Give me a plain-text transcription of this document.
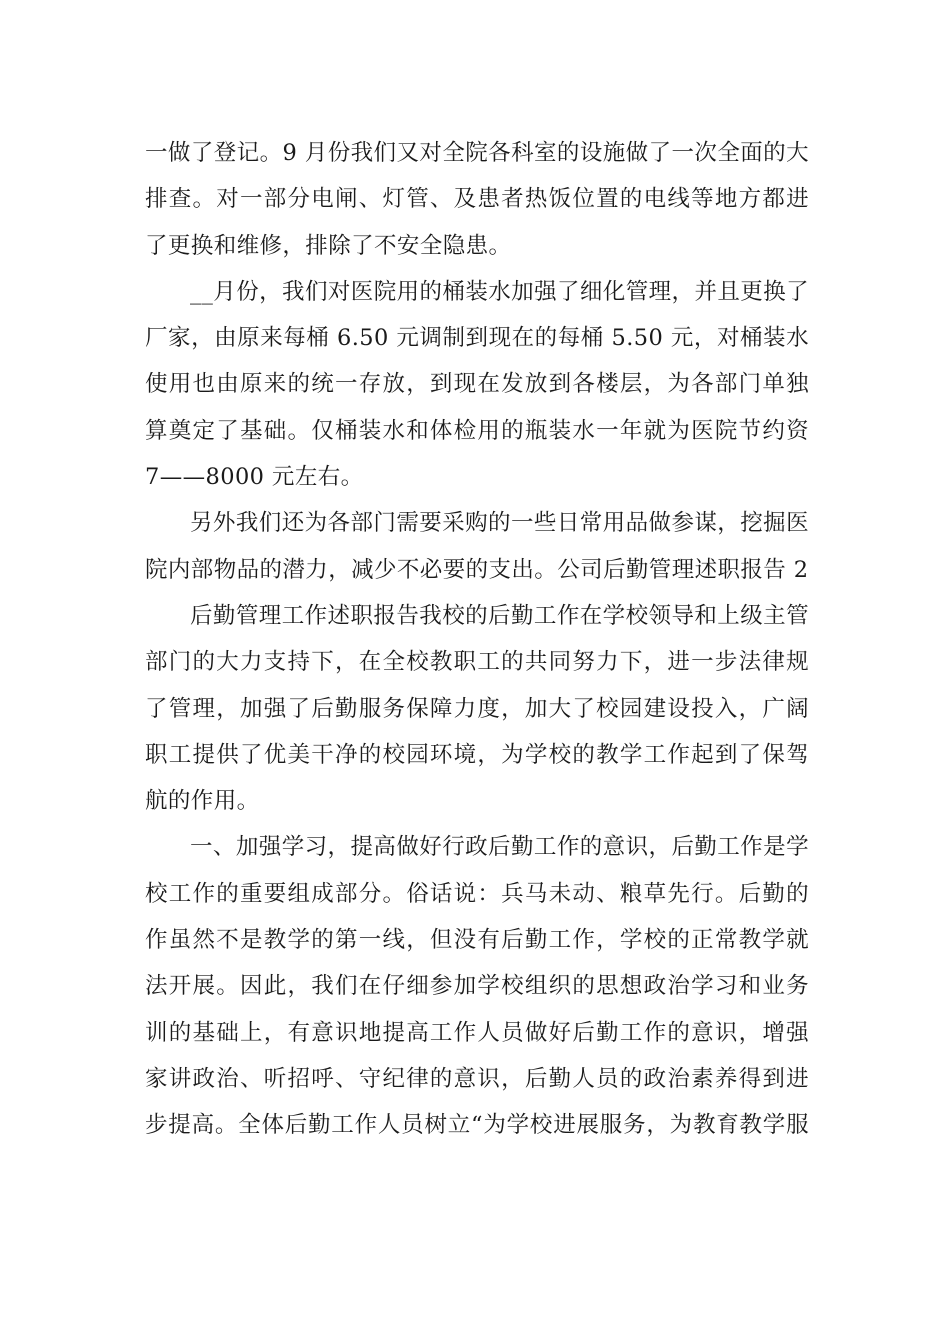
一做了登记。9 月份我们又对全院各科室的设施做了一次全面的大
排查。对一部分电闸、灯管、及患者热饭位置的电线等地方都进
了更换和维修，排除了不安全隐患。
__月份，我们对医院用的桶装水加强了细化管理，并且更换了
厂家，由原来每桶 6.50 元调制到现在的每桶 5.50 元，对桶装水
使用也由原来的统一存放，到现在发放到各楼层，为各部门单独
算奠定了基础。仅桶装水和体检用的瓶装水一年就为医院节约资
7——8000 元左右。
另外我们还为各部门需要采购的一些日常用品做参谋，挖掘医
院内部物品的潜力，减少不必要的支出。公司后勤管理述职报告 2
后勤管理工作述职报告我校的后勤工作在学校领导和上级主管
部门的大力支持下，在全校教职工的共同努力下，进一步法律规
了管理，加强了后勤服务保障力度，加大了校园建设投入，广阔
职工提供了优美干净的校园环境，为学校的教学工作起到了保驾
航的作用。
一、加强学习，提高做好行政后勤工作的意识，后勤工作是学
校工作的重要组成部分。俗话说：兵马未动、粮草先行。后勤的
作虽然不是教学的第一线，但没有后勤工作，学校的正常教学就
法开展。因此，我们在仔细参加学校组织的思想政治学习和业务
训的基础上，有意识地提高工作人员做好后勤工作的意识，增强
家讲政治、听招呼、守纪律的意识，后勤人员的政治素养得到进
步提高。全体后勤工作人员树立“为学校进展服务，为教育教学服
